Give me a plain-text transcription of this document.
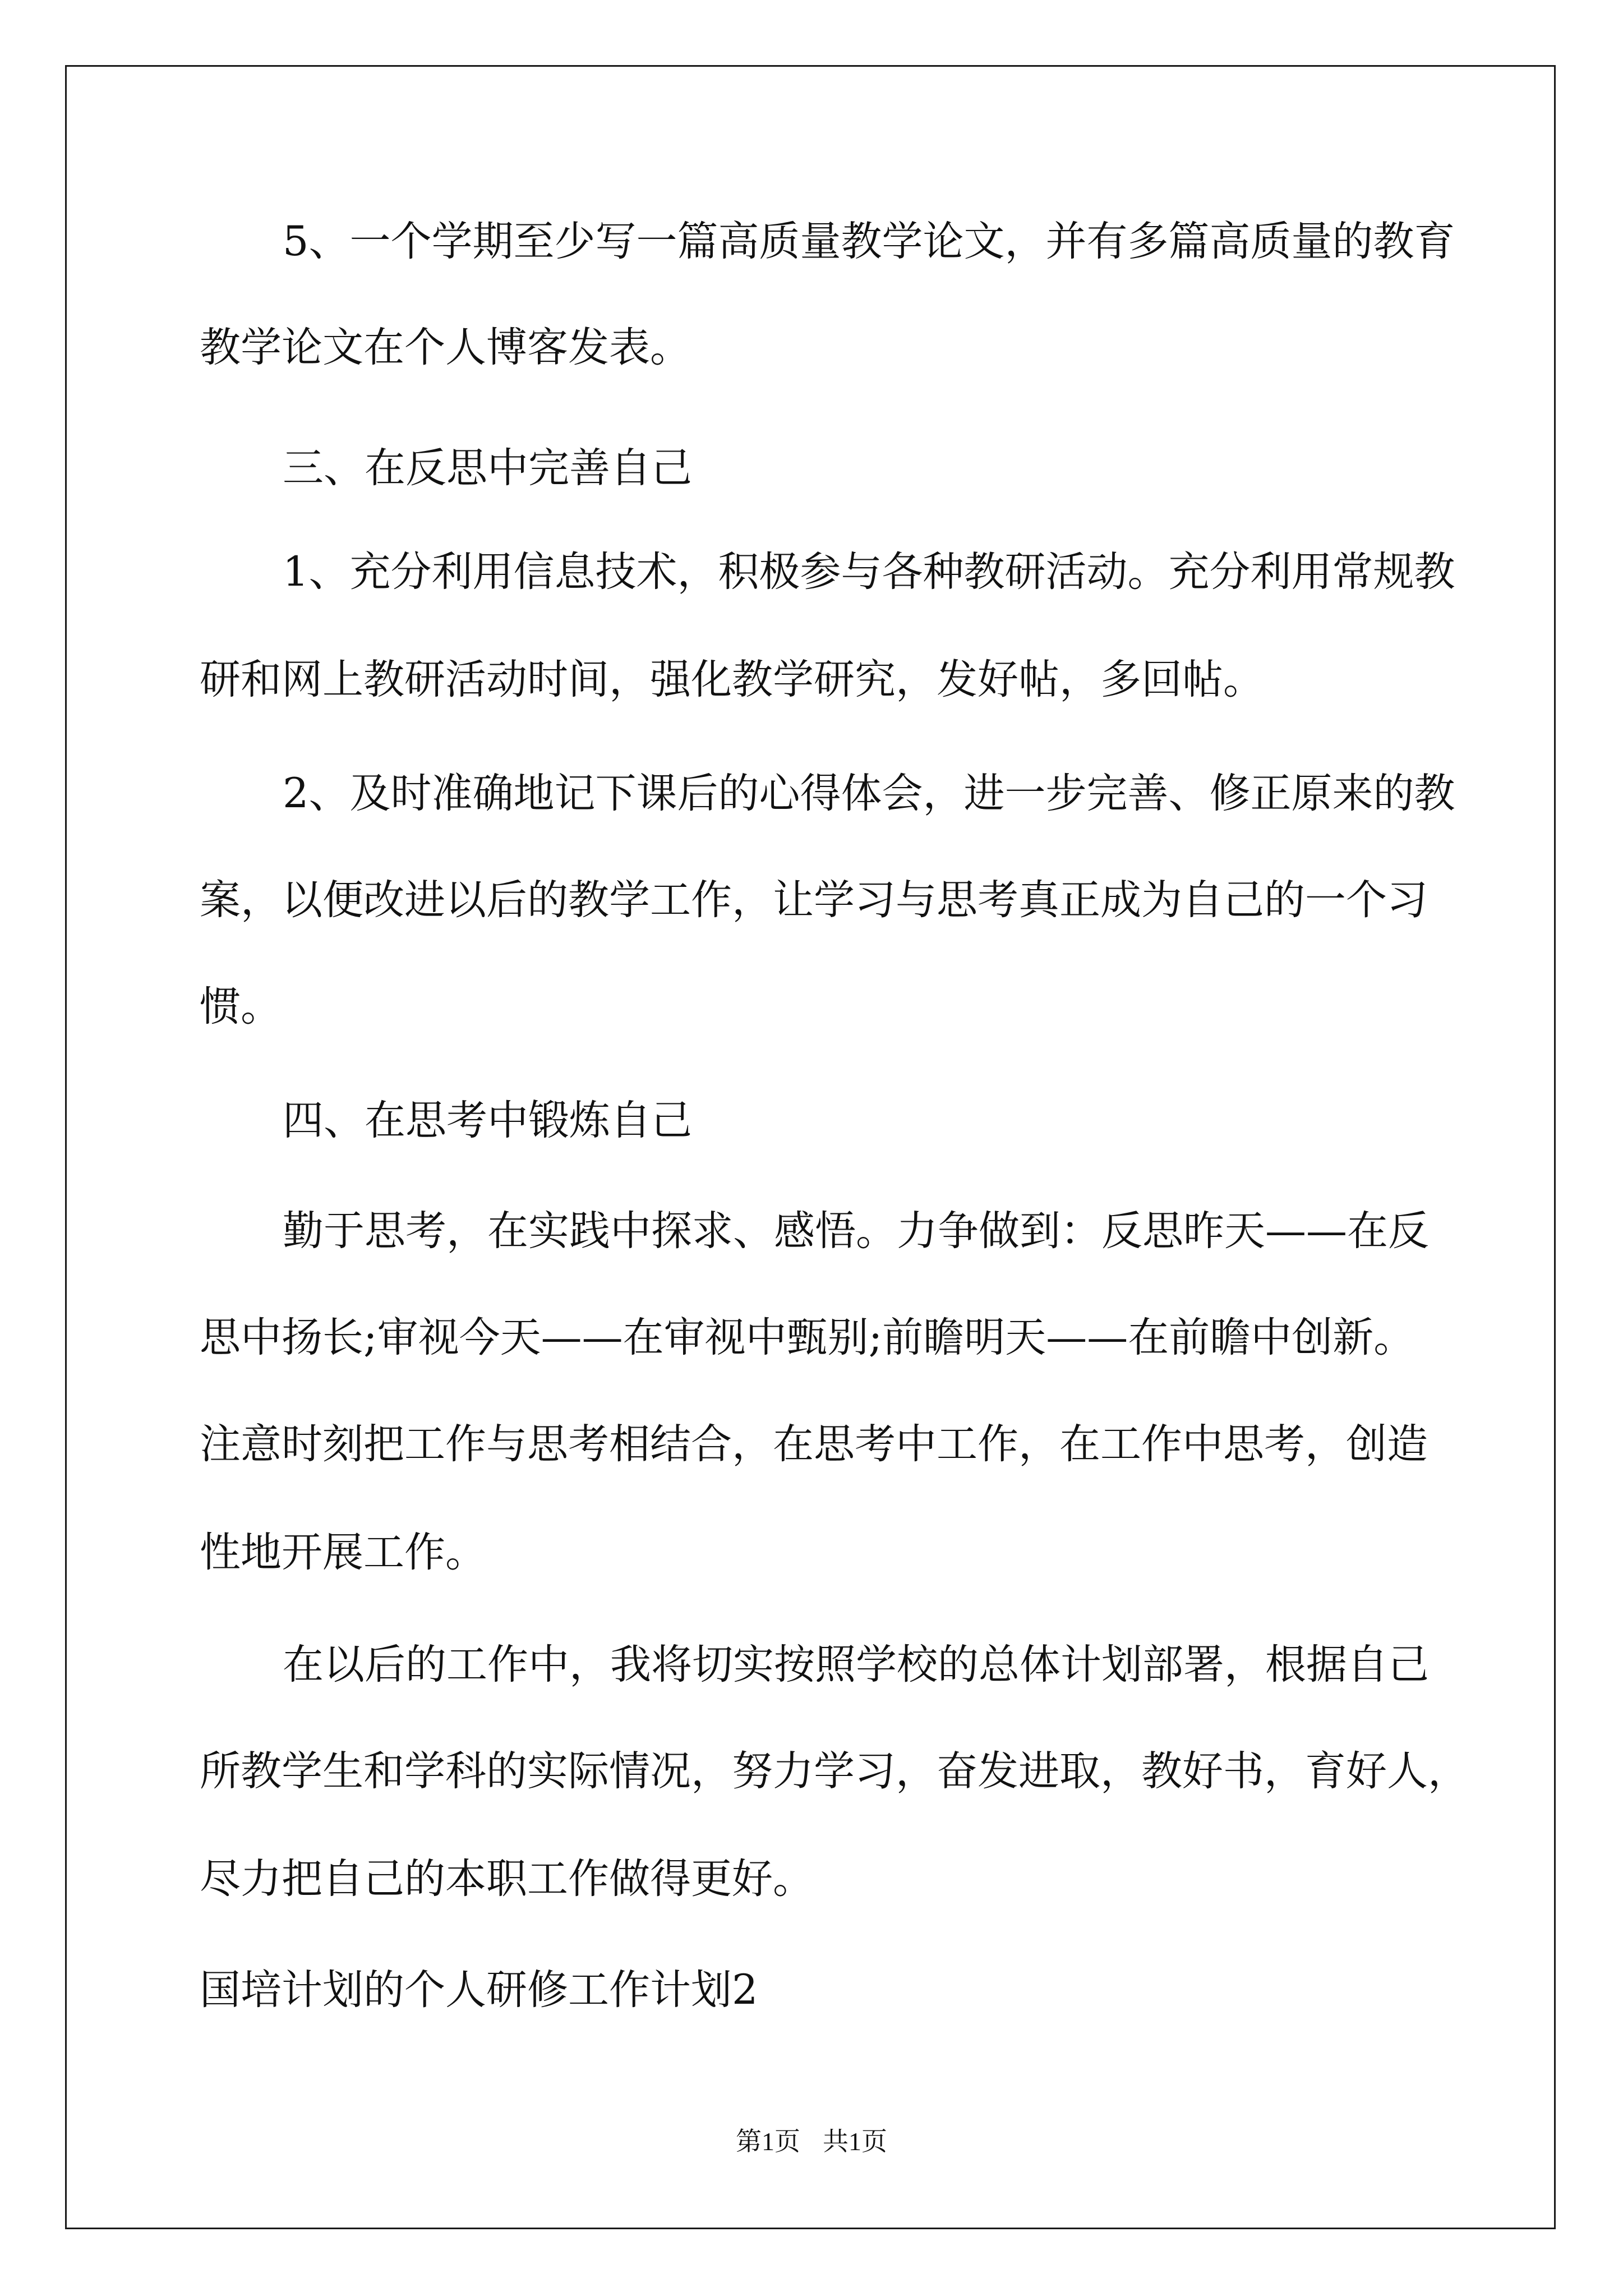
5、一个学期至少写一篇高质量教学论文，并有多篇高质量的教育

教学论文在个人博客发表。

三、在反思中完善自己

1、充分利用信息技术，积极参与各种教研活动。充分利用常规教

研和网上教研活动时间，强化教学研究，发好帖，多回帖。

2、及时准确地记下课后的心得体会，进一步完善、修正原来的教

案，以便改进以后的教学工作，让学习与思考真正成为自己的一个习

惯。

四、在思考中锻炼自己

勤于思考，在实践中探求、感悟。力争做到：反思昨天——在反

思中扬长;审视今天——在审视中甄别;前瞻明天——在前瞻中创新。

注意时刻把工作与思考相结合，在思考中工作，在工作中思考，创造

性地开展工作。

在以后的工作中，我将切实按照学校的总体计划部署，根据自己

所教学生和学科的实际情况，努力学习，奋发进取，教好书，育好人，

尽力把自己的本职工作做得更好。

国培计划的个人研修工作计划2

第1页 共1页
